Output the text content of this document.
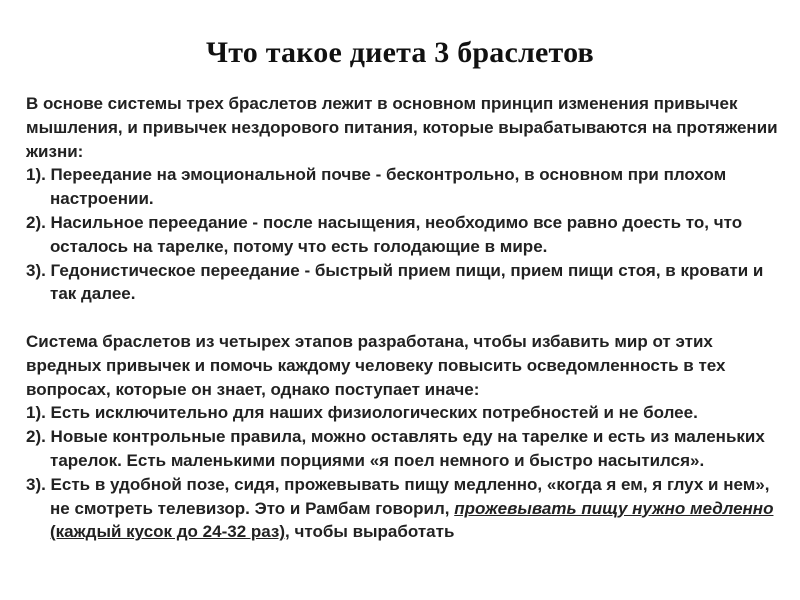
Что такое диета 3 браслетов

В основе системы трех браслетов лежит в основном принцип изменения привычек мышления, и привычек нездорового питания, которые вырабатываются на протяжении жизни:

1). Переедание на эмоциональной почве - бесконтрольно, в основном при плохом настроении.

2). Насильное переедание - после насыщения, необходимо все равно доесть то, что осталось на тарелке, потому что есть голодающие в мире.

3). Гедонистическое переедание - быстрый прием пищи, прием пищи стоя, в кровати и так далее.

Система браслетов из четырех этапов разработана, чтобы избавить мир от этих вредных привычек и помочь каждому человеку повысить осведомленность в тех вопросах, которые он знает, однако поступает иначе:

1). Есть исключительно для наших физиологических потребностей и не более.

2). Новые контрольные правила, можно оставлять еду на тарелке и есть из маленьких тарелок. Есть маленькими порциями «я поел немного и быстро насытился».

3). Есть в удобной позе, сидя, прожевывать пищу медленно, «когда я ем, я глух и нем», не смотреть телевизор. Это и Рамбам говорил, прожевывать пищу нужно медленно (каждый кусок до 24-32 раз), чтобы выработать
